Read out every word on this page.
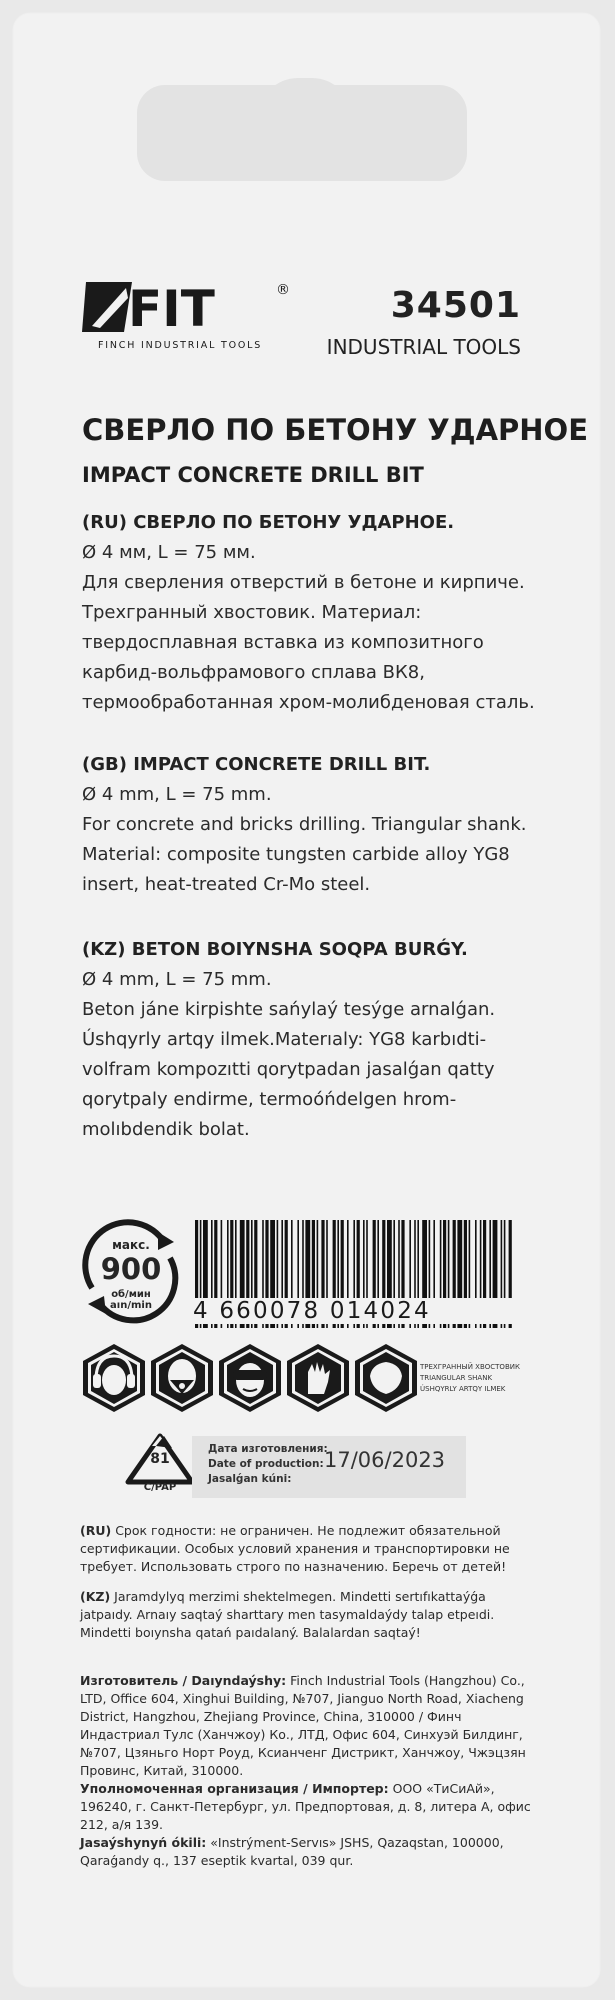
FIT	®
FINCH INDUSTRIAL TOOLS
34501
INDUSTRIAL TOOLS
СВЕРЛО ПО БЕТОНУ УДАРНОЕ
IMPACT CONCRETE DRILL BIT
(RU) СВЕРЛО ПО БЕТОНУ УДАРНОЕ.
Ø 4 мм, L = 75 мм.
Для сверления отверстий в бетоне и кирпиче. Трехгранный хвостовик. Материал: твердосплавная вставка из композитного карбид-вольфрамового сплава ВК8, термообработанная хром-молибденовая сталь.
(GB) IMPACT CONCRETE DRILL BIT.
Ø 4 mm, L = 75 mm.
For concrete and bricks drilling. Triangular shank. Material: composite tungsten carbide alloy YG8 insert, heat-treated Cr-Mo steel.
(KZ) BETON BOIYNSHA SOQPA BURǴY.
Ø 4 mm, L = 75 mm.
Beton jáne kirpishte sańylaý tesýge arnalǵan. Úshqyrly artqy ilmek.Materıaly: YG8 karbıdti-volfram kompozıtti qorytpadan jasalǵan qatty qorytpaly endirme, termoóńdelgen hrom-molıbdendik bolat.
макс.
900
об/мин
aın/min	4 660078 014024
ТРЕХГРАННЫЙ ХВОСТОВИК
TRIANGULAR SHANK
ÚSHQYRLY ARTQY ILMEK
81
C/PAP
Дата изготовления:
Date of production:
Jasalǵan kúni:
17/06/2023
(RU) Срок годности: не ограничен. Не подлежит обязательной сертификации. Особых условий хранения и транспортировки не требует. Использовать строго по назначению. Беречь от детей!
(KZ) Jaramdylyq merzimi shektelmegen. Mindetti sertıfıkattaýǵa jatpaıdy. Arnaıy saqtaý sharttary men tasymaldaýdy talap etpeıdi. Mindetti boıynsha qatań paıdalaný. Balalardan saqtaý!
Изготовитель / Daıyndaýshy: Finch Industrial Tools (Hangzhou) Co., LTD, Office 604, Xinghui Building, №707, Jianguo North Road, Xiacheng District, Hangzhou, Zhejiang Province, China, 310000 / Финч Индастриал Тулс (Ханчжоу) Ко., ЛТД, Офис 604, Синхуэй Билдинг, №707, Цзяньго Норт Роуд, Ксианченг Дистрикт, Ханчжоу, Чжэцзян Провинс, Китай, 310000.
Уполномоченная организация / Импортер: ООО «ТиСиАй», 196240, г. Санкт-Петербург, ул. Предпортовая, д. 8, литера А, офис 212, а/я 139.
Jasaýshynyń ókili: «Instrýment-Servıs» JSHS, Qazaqstan, 100000, Qaraǵandy q., 137 eseptik kvartal, 039 qur.
